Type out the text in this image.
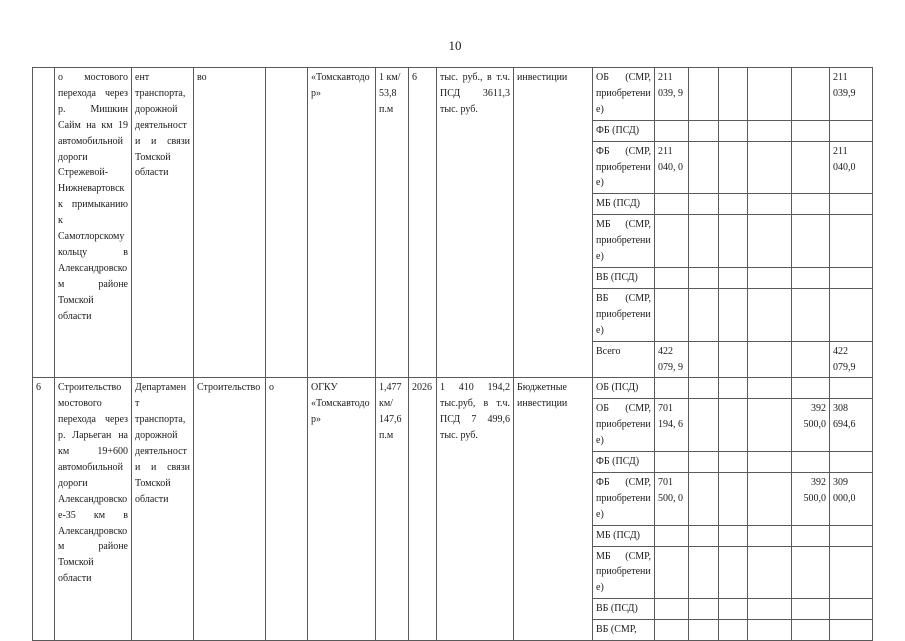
10
	о мостового перехода через р. Мишкин Сайм на км 19 автомобильной дороги Стрежевой-Нижневартовск к примыканию к Самотлорскому кольцу в Александровском районе Томской области	ент транспорта, дорожной деятельности и связи Томской области	во		«Томскавтодор»	1 км/ 53,8 п.м	6	тыс. руб., в т.ч. ПСД 3611,3 тыс. руб.	инвестиции	ОБ (СМР, приобретение)	211 039, 9					211 039,9
										ФБ (ПСД)						
										ФБ (СМР, приобретение)	211 040, 0					211 040,0
										МБ (ПСД)						
										МБ (СМР, приобретение)						
										ВБ (ПСД)						
										ВБ (СМР, приобретение)						
										Всего	422 079, 9					422 079,9
6	Строительство мостового перехода через р. Ларьеган на км 19+600 автомобильной дороги Александровское-35 км в Александровском районе Томской области	Департамент транспорта, дорожной деятельности и связи Томской области	Строительство	о	ОГКУ «Томскавтодор»	1,477 км/ 147,6 п.м	2026	1 410 194,2 тыс.руб, в т.ч. ПСД 7 499,6 тыс. руб.	Бюджетные инвестиции	ОБ (ПСД)						
										ОБ (СМР, приобретение)	701 194, 6				392 500,0	308 694,6
										ФБ (ПСД)						
										ФБ (СМР, приобретение)	701 500, 0				392 500,0	309 000,0
										МБ (ПСД)						
										МБ (СМР, приобретение)						
										ВБ (ПСД)						
										ВБ (СМР,						
